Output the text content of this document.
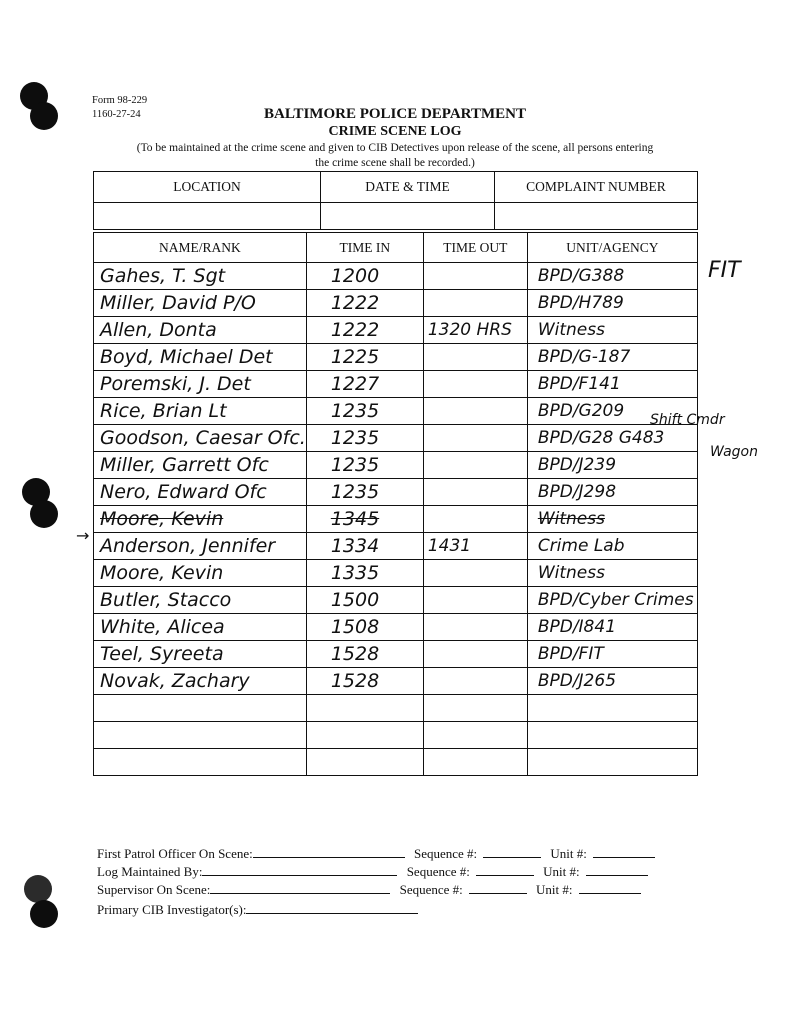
Form 98-229
1160-27-24	BALTIMORE POLICE DEPARTMENT
CRIME SCENE LOG
(To be maintained at the crime scene and given to CIB Detectives upon release of the scene, all persons entering
the crime scene shall be recorded.)
LOCATION	DATE & TIME	COMPLAINT NUMBER

NAME/RANK	TIME IN	TIME OUT	UNIT/AGENCY

Gahes, T. Sgt	1200		BPD/G388

Miller, David P/O	1222		BPD/H789

Allen, Donta	1222	1320 HRS	Witness

Boyd, Michael Det	1225		BPD/G-187

Poremski, J. Det	1227		BPD/F141

Rice, Brian Lt	1235		BPD/G209

Goodson, Caesar Ofc.	1235		BPD/G28 G483

Miller, Garrett Ofc	1235		BPD/J239

Nero, Edward Ofc	1235		BPD/J298

Moore, Kevin	1345		Witness

Anderson, Jennifer	1334	1431	Crime Lab

Moore, Kevin	1335		Witness

Butler, Stacco	1500		BPD/Cyber Crimes

White, Alicea	1508		BPD/I841

Teel, Syreeta	1528		BPD/FIT

Novak, Zachary	1528		BPD/J265

FIT
Shift Cmdr
Wagon
→
First Patrol Officer On Scene:	Sequence #:	Unit #:
Log Maintained By:	Sequence #:	Unit #:
Supervisor On Scene:	Sequence #:	Unit #:
Primary CIB Investigator(s):
